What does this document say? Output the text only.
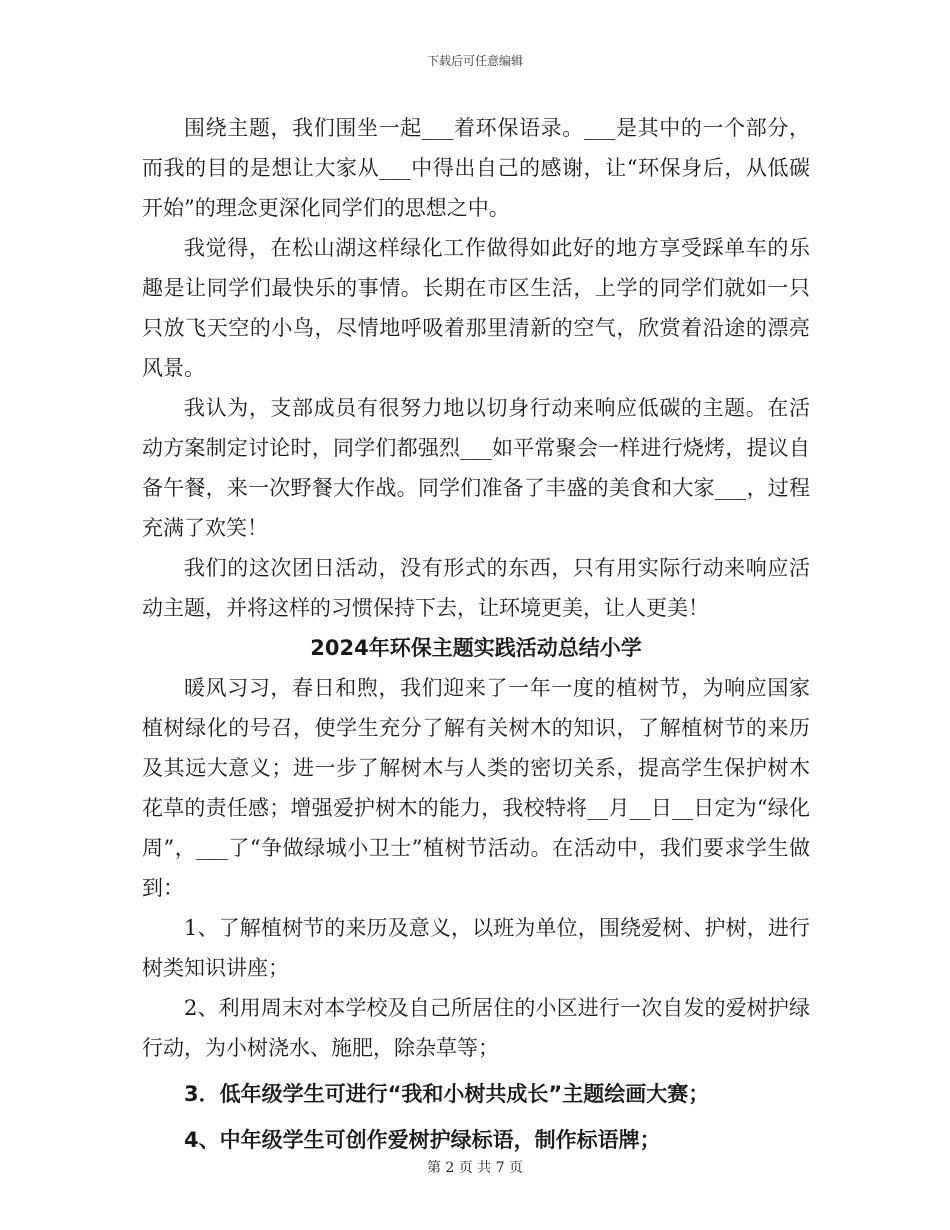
下载后可任意编辑

围绕主题，我们围坐一起___着环保语录。___是其中的一个部分，而我的目的是想让大家从___中得出自己的感谢，让“环保身后，从低碳开始”的理念更深化同学们的思想之中。

我觉得，在松山湖这样绿化工作做得如此好的地方享受踩单车的乐趣是让同学们最快乐的事情。长期在市区生活，上学的同学们就如一只只放飞天空的小鸟，尽情地呼吸着那里清新的空气，欣赏着沿途的漂亮风景。

我认为，支部成员有很努力地以切身行动来响应低碳的主题。在活动方案制定讨论时，同学们都强烈___如平常聚会一样进行烧烤，提议自备午餐，来一次野餐大作战。同学们准备了丰盛的美食和大家___，过程充满了欢笑！

我们的这次团日活动，没有形式的东西，只有用实际行动来响应活动主题，并将这样的习惯保持下去，让环境更美，让人更美！

2024年环保主题实践活动总结小学

暖风习习，春日和煦，我们迎来了一年一度的植树节，为响应国家植树绿化的号召，使学生充分了解有关树木的知识，了解植树节的来历及其远大意义；进一步了解树木与人类的密切关系，提高学生保护树木花草的责任感；增强爱护树木的能力，我校特将__月__日__日定为“绿化周”，___了“争做绿城小卫士”植树节活动。在活动中，我们要求学生做到：

1、了解植树节的来历及意义，以班为单位，围绕爱树、护树，进行树类知识讲座；

2、利用周末对本学校及自己所居住的小区进行一次自发的爱树护绿行动，为小树浇水、施肥，除杂草等；

3．低年级学生可进行“我和小树共成长”主题绘画大赛；

4、中年级学生可创作爱树护绿标语，制作标语牌；

第 2 页 共 7 页
